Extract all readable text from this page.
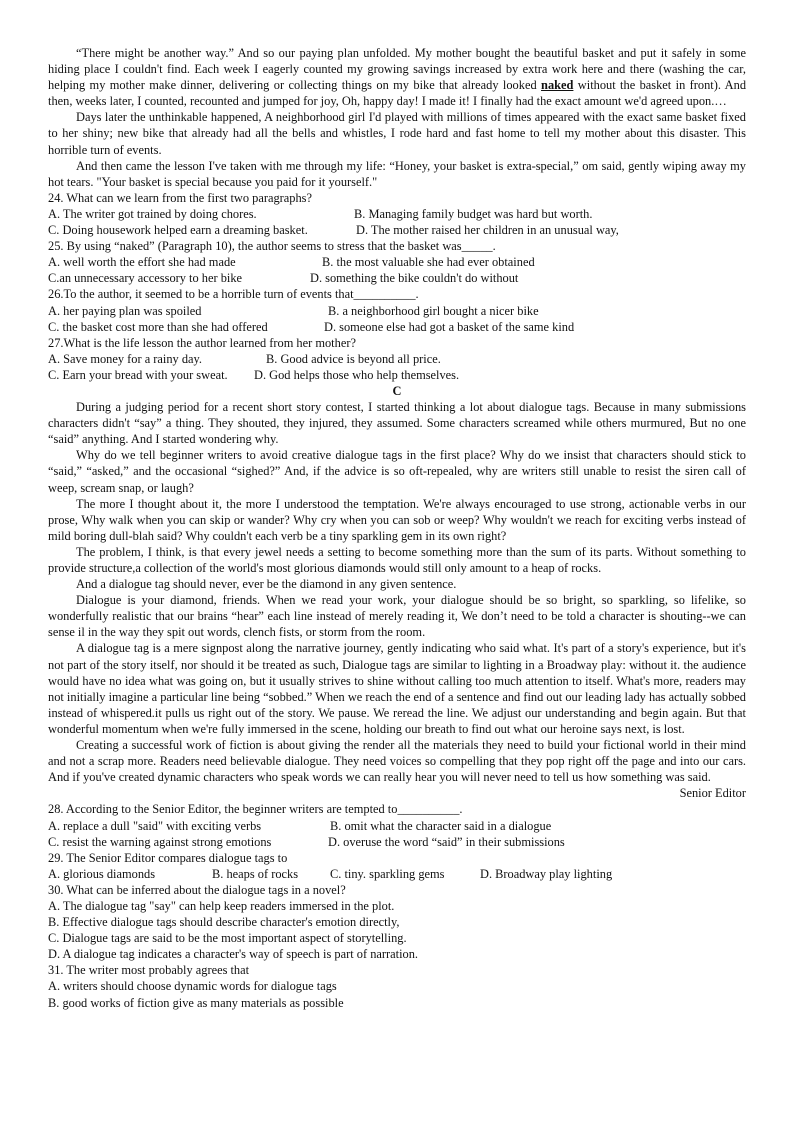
“There might be another way.” And so our paying plan unfolded. My mother bought the beautiful basket and put it safely in some hiding place I couldn't find. Each week I eagerly counted my growing savings increased by extra work here and there (washing the car, helping my mother make dinner, delivering or collecting things on my bike that already looked naked without the basket in front). And then, weeks later, I counted, recounted and jumped for joy, Oh, happy day! I made it! I finally had the exact amount we'd agreed upon.…

Days later the unthinkable happened, A neighborhood girl I'd played with millions of times appeared with the exact same basket fixed to her shiny; new bike that already had all the bells and whistles, I rode hard and fast home to tell my mother about this disaster. This horrible turn of events.

And then came the lesson I've taken with me through my life: “Honey, your basket is extra-special,” om said, gently wiping away my hot tears. "Your basket is special because you paid for it yourself."

24. What can we learn from the first two paragraphs?

A. The writer got trained by doing chores.	B. Managing family budget was hard but worth.
C. Doing housework helped earn a dreaming basket.	D. The mother raised her children in an unusual way,

25. By using “naked” (Paragraph 10), the author seems to stress that the basket was_____.

A. well worth the effort she had made	B. the most valuable she had ever obtained
C.an unnecessary accessory to her bike	D. something the bike couldn't do without

26.To the author, it seemed to be a horrible turn of events that__________.

A. her paying plan was spoiled	B. a neighborhood girl bought a nicer bike
C. the basket cost more than she had offered	D. someone else had got a basket of the same kind

27.What is the life lesson the author learned from her mother?

A. Save money for a rainy day.	B. Good advice is beyond all price.
C. Earn your bread with your sweat.	D. God helps those who help themselves.

C

During a judging period for a recent short story contest, I started thinking a lot about dialogue tags. Because in many submissions characters didn't “say” a thing. They shouted, they injured, they assumed. Some characters screamed while others murmured, But no one “said” anything. And I started wondering why.

Why do we tell beginner writers to avoid creative dialogue tags in the first place? Why do we insist that characters should stick to “said,” “asked,” and the occasional “sighed?” And, if the advice is so oft-repealed, why are writers still unable to resist the siren call of weep, scream snap, or laugh?

The more I thought about it, the more I understood the temptation. We're always encouraged to use strong, actionable verbs in our prose, Why walk when you can skip or wander? Why cry when you can sob or weep? Why wouldn't we reach for exciting verbs instead of mild boring dull-blah said? Why couldn't each verb be a tiny sparkling gem in its own right?

The problem, I think, is that every jewel needs a setting to become something more than the sum of its parts. Without something to provide structure,a collection of the world's most glorious diamonds would still only amount to a heap of rocks.

And a dialogue tag should never, ever be the diamond in any given sentence.

Dialogue is your diamond, friends. When we read your work, your dialogue should be so bright, so sparkling, so lifelike, so wonderfully realistic that our brains “hear” each line instead of merely reading it, We don’t need to be told a character is shouting--we can sense il in the way they spit out words, clench fists, or storm from the room.

A dialogue tag is a mere signpost along the narrative journey, gently indicating who said what. It's part of a story's experience, but it's not part of the story itself, nor should it be treated as such, Dialogue tags are similar to lighting in a Broadway play: without it. the audience would have no idea what was going on, but it usually strives to shine without calling too much attention to itself. What's more, readers may not initially imagine a particular line being “sobbed.” When we reach the end of a sentence and find out our leading lady has actually sobbed instead of whispered.it pulls us right out of the story. We pause. We reread the line. We adjust our understanding and begin again. But that wonderful momentum when we're fully immersed in the scene, holding our breath to find out what our heroine says next, is lost.

Creating a successful work of fiction is about giving the render all the materials they need to build your fictional world in their mind and not a scrap more. Readers need believable dialogue. They need voices so compelling that they pop right off the page and into our cars. And if you've created dynamic characters who speak words we can really hear you will never need to tell us how something was said.

Senior Editor

28. According to the Senior Editor, the beginner writers are tempted to__________.

A. replace a dull "said" with exciting verbs	B. omit what the character said in a dialogue
C. resist the warning against strong emotions	D. overuse the word “said” in their submissions

29. The Senior Editor compares dialogue tags to

A. glorious diamonds	B. heaps of rocks	C. tiny. sparkling gems	D. Broadway play lighting

30. What can be inferred about the dialogue tags in a novel?

A. The dialogue tag "say" can help keep readers immersed in the plot.

B. Effective dialogue tags should describe character's emotion directly,

C. Dialogue tags are said to be the most important aspect of storytelling.

D. A dialogue tag indicates a character's way of speech is part of narration.

31. The writer most probably agrees that

A. writers should choose dynamic words for dialogue tags

B. good works of fiction give as many materials as possible
